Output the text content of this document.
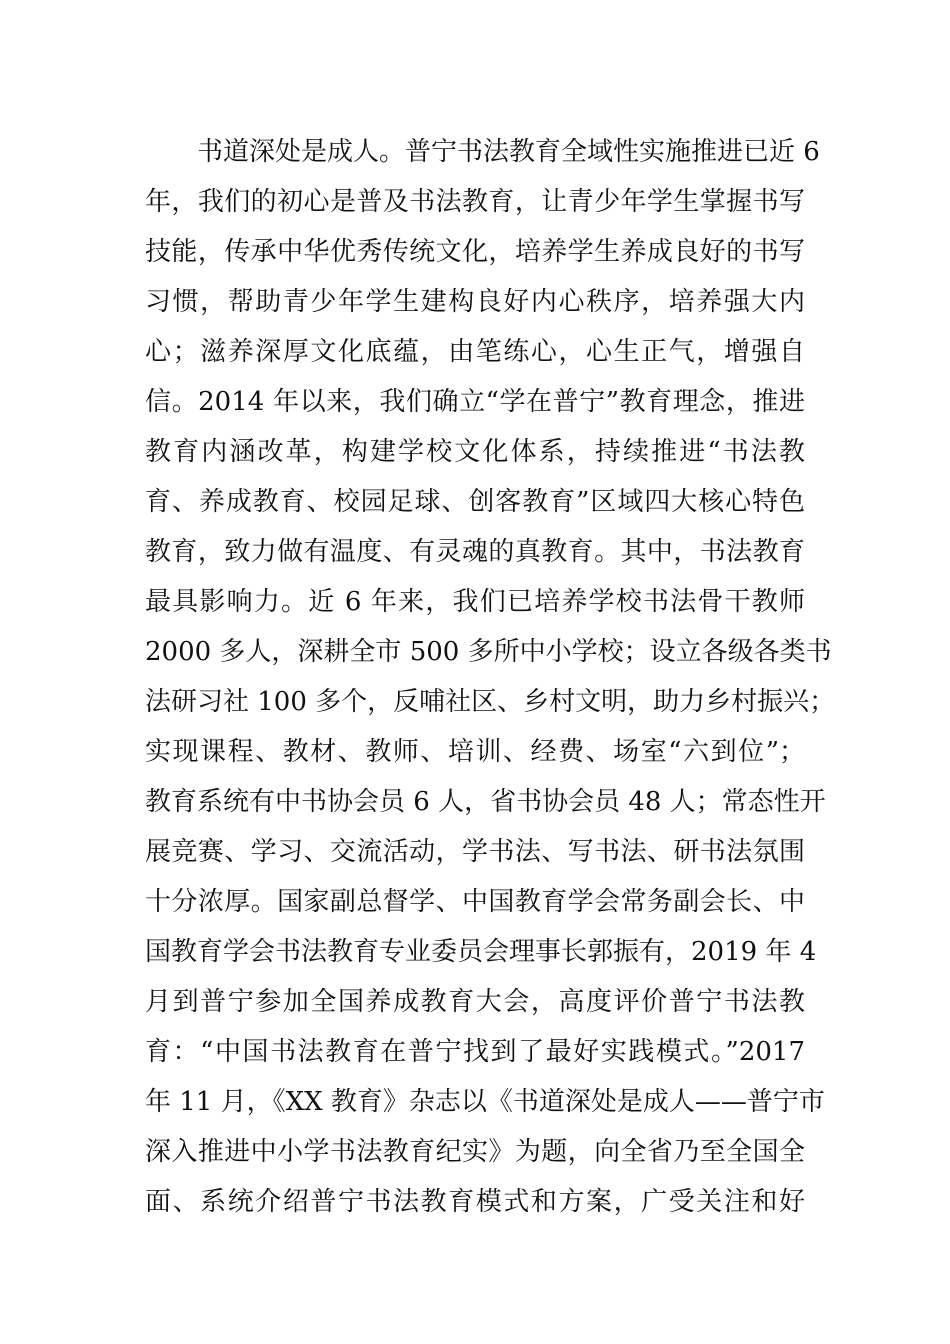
书道深处是成人。普宁书法教育全域性实施推进已近 6
年，我们的初心是普及书法教育，让青少年学生掌握书写
技能，传承中华优秀传统文化，培养学生养成良好的书写
习惯，帮助青少年学生建构良好内心秩序，培养强大内
心；滋养深厚文化底蕴，由笔练心，心生正气，增强自
信。2014 年以来，我们确立“学在普宁”教育理念，推进
教育内涵改革，构建学校文化体系，持续推进“书法教
育、养成教育、校园足球、创客教育”区域四大核心特色
教育，致力做有温度、有灵魂的真教育。其中，书法教育
最具影响力。近 6 年来，我们已培养学校书法骨干教师
2000 多人，深耕全市 500 多所中小学校；设立各级各类书
法研习社 100 多个，反哺社区、乡村文明，助力乡村振兴；
实现课程、教材、教师、培训、经费、场室“六到位”；
教育系统有中书协会员 6 人，省书协会员 48 人；常态性开
展竞赛、学习、交流活动，学书法、写书法、研书法氛围
十分浓厚。国家副总督学、中国教育学会常务副会长、中
国教育学会书法教育专业委员会理事长郭振有，2019 年 4
月到普宁参加全国养成教育大会，高度评价普宁书法教
育：“中国书法教育在普宁找到了最好实践模式。”2017
年 11 月，《XX 教育》杂志以《书道深处是成人——普宁市
深入推进中小学书法教育纪实》为题，向全省乃至全国全
面、系统介绍普宁书法教育模式和方案，广受关注和好
